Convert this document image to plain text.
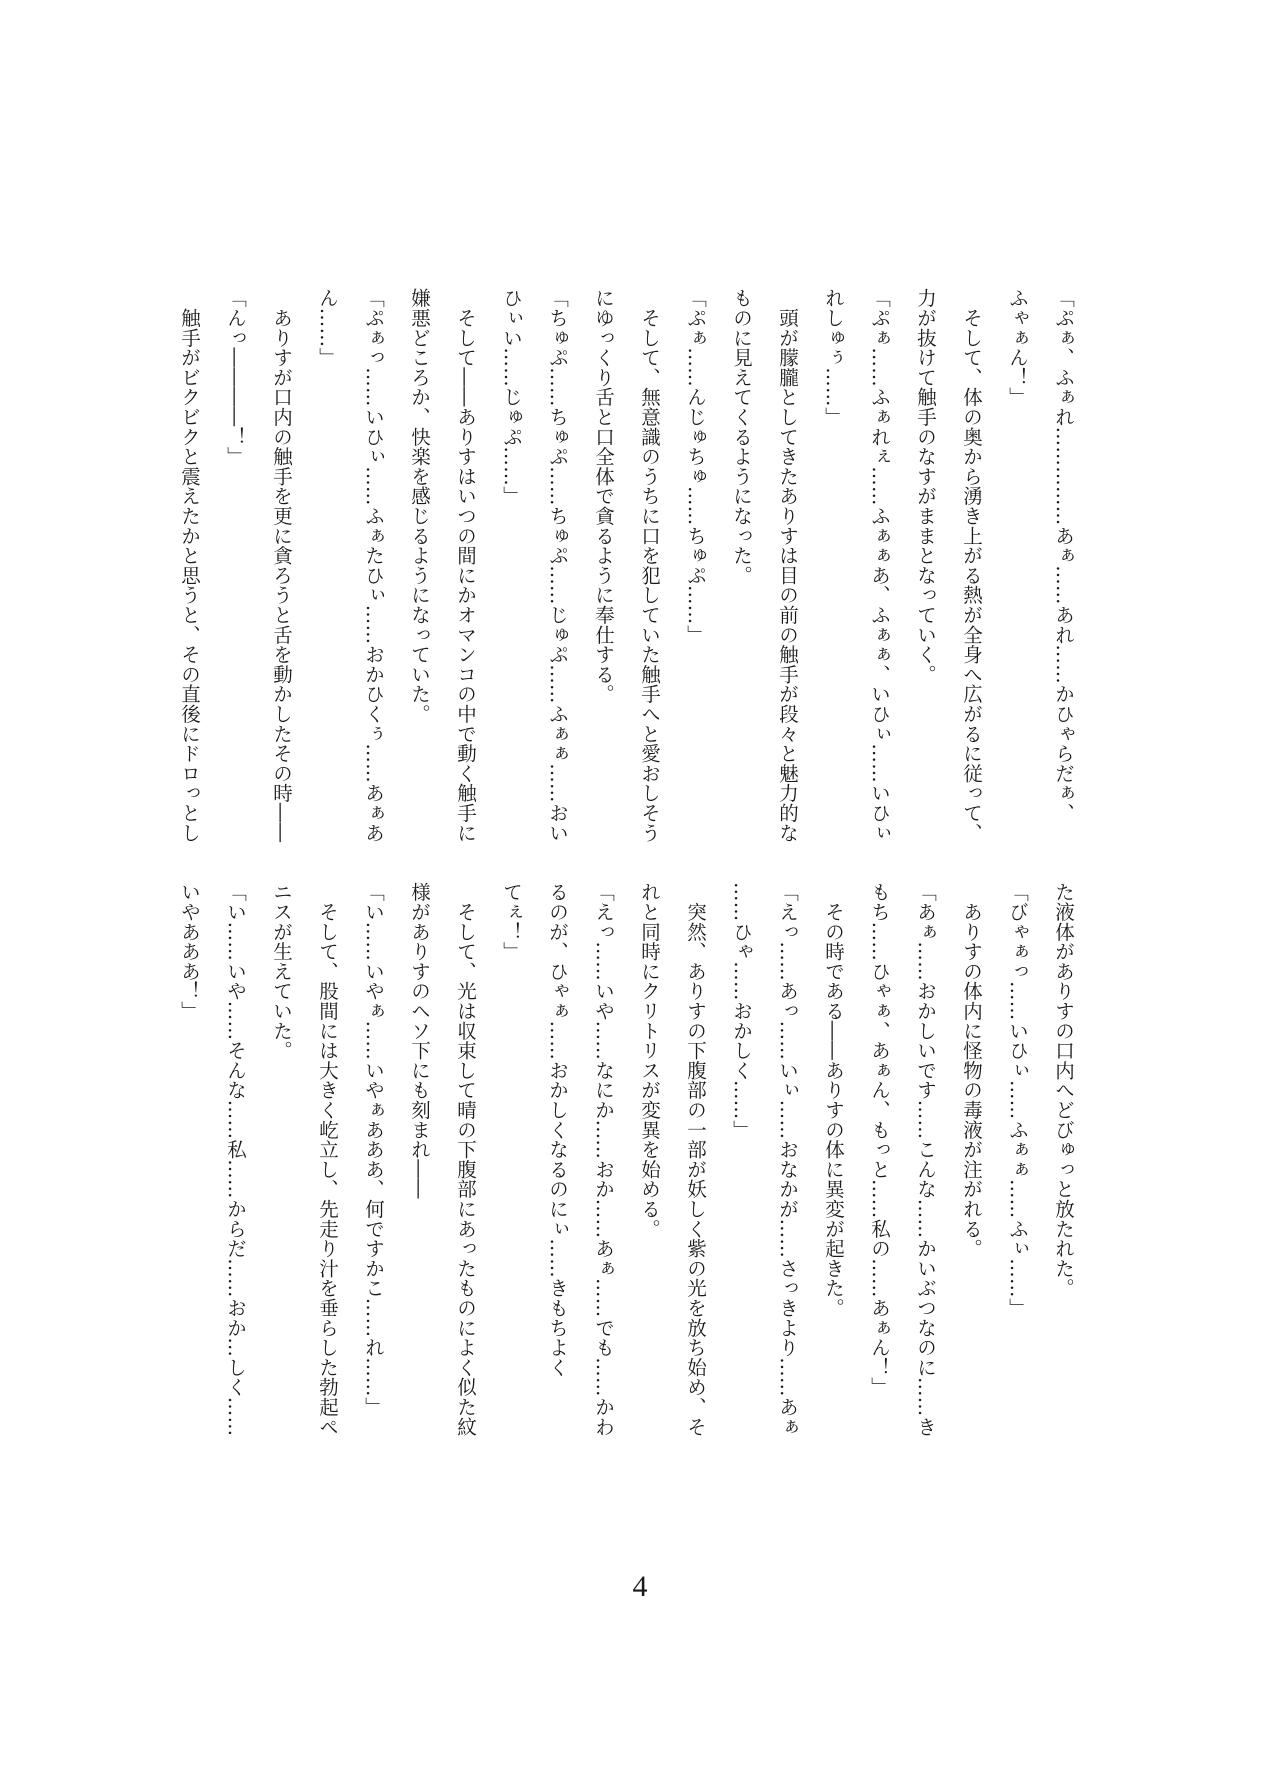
「ぷぁ、ふぁれ……………あぁ……あれ……かひゃらだぁ、
ふゃぁん！」
　そして、体の奥から湧き上がる熱が全身へ広がるに従って、
力が抜けて触手のなすがままとなっていく。
「ぷぁ……ふぁれぇ……ふぁぁあ、ふぁぁ、いひぃ……いひぃ
れしゅぅ……」
　頭が朦朧としてきたありすは目の前の触手が段々と魅力的な
ものに見えてくるようになった。
「ぷぁ……んじゅちゅ……ちゅぷ……」
　そして、無意識のうちに口を犯していた触手へと愛おしそう
にゆっくり舌と口全体で貪るように奉仕する。
「ちゅぷ……ちゅぷ……ちゅぷ……じゅぷ……ふぁぁ……おい
ひぃい……じゅぷ……」
　そして――ありすはいつの間にかオマンコの中で動く触手に
嫌悪どころか、快楽を感じるようになっていた。
「ぷぁっ……いひぃ……ふぁたひぃ……おかひくぅ……あぁあ
ん……」
　ありすが口内の触手を更に貪ろうと舌を動かしたその時――
「んっ――――！」
　触手がビクビクと震えたかと思うと、その直後にドロっとし
た液体がありすの口内へどびゅっと放たれた。
「びゃぁっ……いひぃ……ふぁぁ……ふぃ……」
　ありすの体内に怪物の毒液が注がれる。
「あぁ……おかしいです……こんな……かいぶつなのに……き
もち……ひゃぁ、あぁん、もっと……私の……あぁん！」
　その時である――ありすの体に異変が起きた。
「えっ……あっ……いぃ……おなかが……さっきより……あぁ
……ひゃ……おかしく……」
　突然、ありすの下腹部の一部が妖しく紫の光を放ち始め、そ
れと同時にクリトリスが変異を始める。
「えっ……いや……なにか……おか……あぁ……でも……かわ
るのが、ひゃぁ……おかしくなるのにぃ……きもちよく
てぇ！」
　そして、光は収束して晴の下腹部にあったものによく似た紋
様がありすのヘソ下にも刻まれ――
「い……いやぁ……いやぁあああ、何ですかこ……れ……」
　そして、股間には大きく屹立し、先走り汁を垂らした勃起ペ
ニスが生えていた。
「い……いや……そんな……私……からだ……おか…しく……
いやあああ！」
4
